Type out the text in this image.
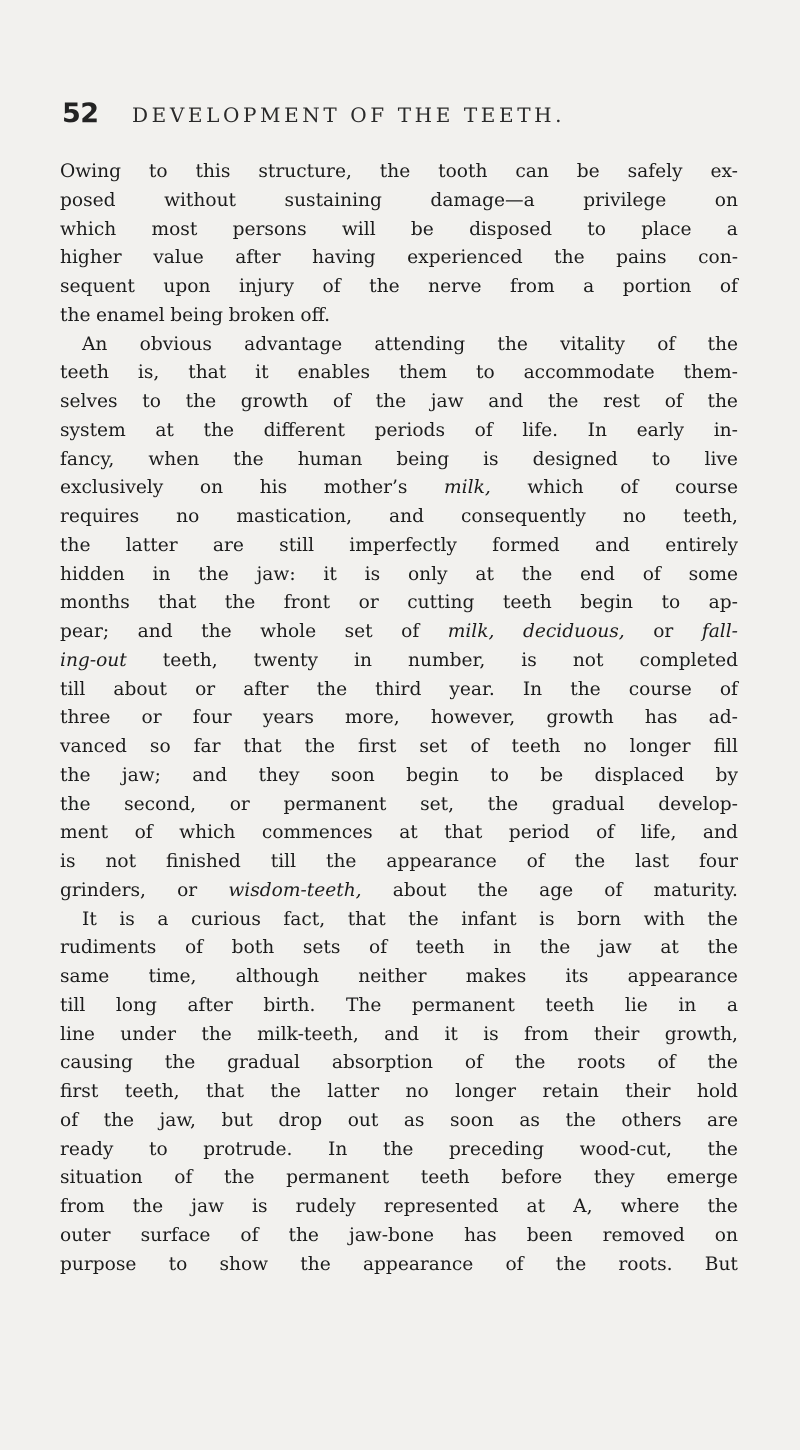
52 DEVELOPMENT OF THE TEETH.
Owing to this structure, the tooth can be safely ex-
posed	without	sustaining	damage—a	privilege	on
which most persons will be disposed to place a
higher value after having experienced the pains con-
sequent upon injury of the nerve from a portion of
the enamel being broken off.
An obvious advantage attending the vitality of the
teeth is, that it enables them to accommodate them-
selves to the growth of the jaw and the rest of the
system at the different periods of life. In early in-
fancy, when the human being is designed to live
exclusively on his mother’s milk, which of course
requires no mastication, and consequently no teeth,
the latter are still imperfectly formed and entirely
hidden in the jaw: it is only at the end of some
months that the front or cutting teeth begin to ap-
pear; and the whole set of milk, deciduous, or fall-
ing-out teeth, twenty in number, is not completed
till about or after the third year. In the course of
three or four years more, however, growth has ad-
vanced so far that the first set of teeth no longer fill
the jaw; and they soon begin to be displaced by
the second, or permanent set, the gradual develop-
ment of which commences at that period of life, and
is not finished till the appearance of the last four
grinders, or wisdom-teeth, about the age of maturity.
It is a curious fact, that the infant is born with the
rudiments of both sets of teeth in the jaw at the
same time, although neither makes its appearance
till long after birth. The permanent teeth lie in a
line under the milk-teeth, and it is from their growth,
causing the gradual absorption of the roots of the
first teeth, that the latter no longer retain their hold
of the jaw, but drop out as soon as the others are
ready to protrude. In the preceding wood-cut, the
situation of the permanent teeth before they emerge
from the jaw is rudely represented at A, where the
outer surface of the jaw-bone has been removed on
purpose to show the appearance of the roots. But
